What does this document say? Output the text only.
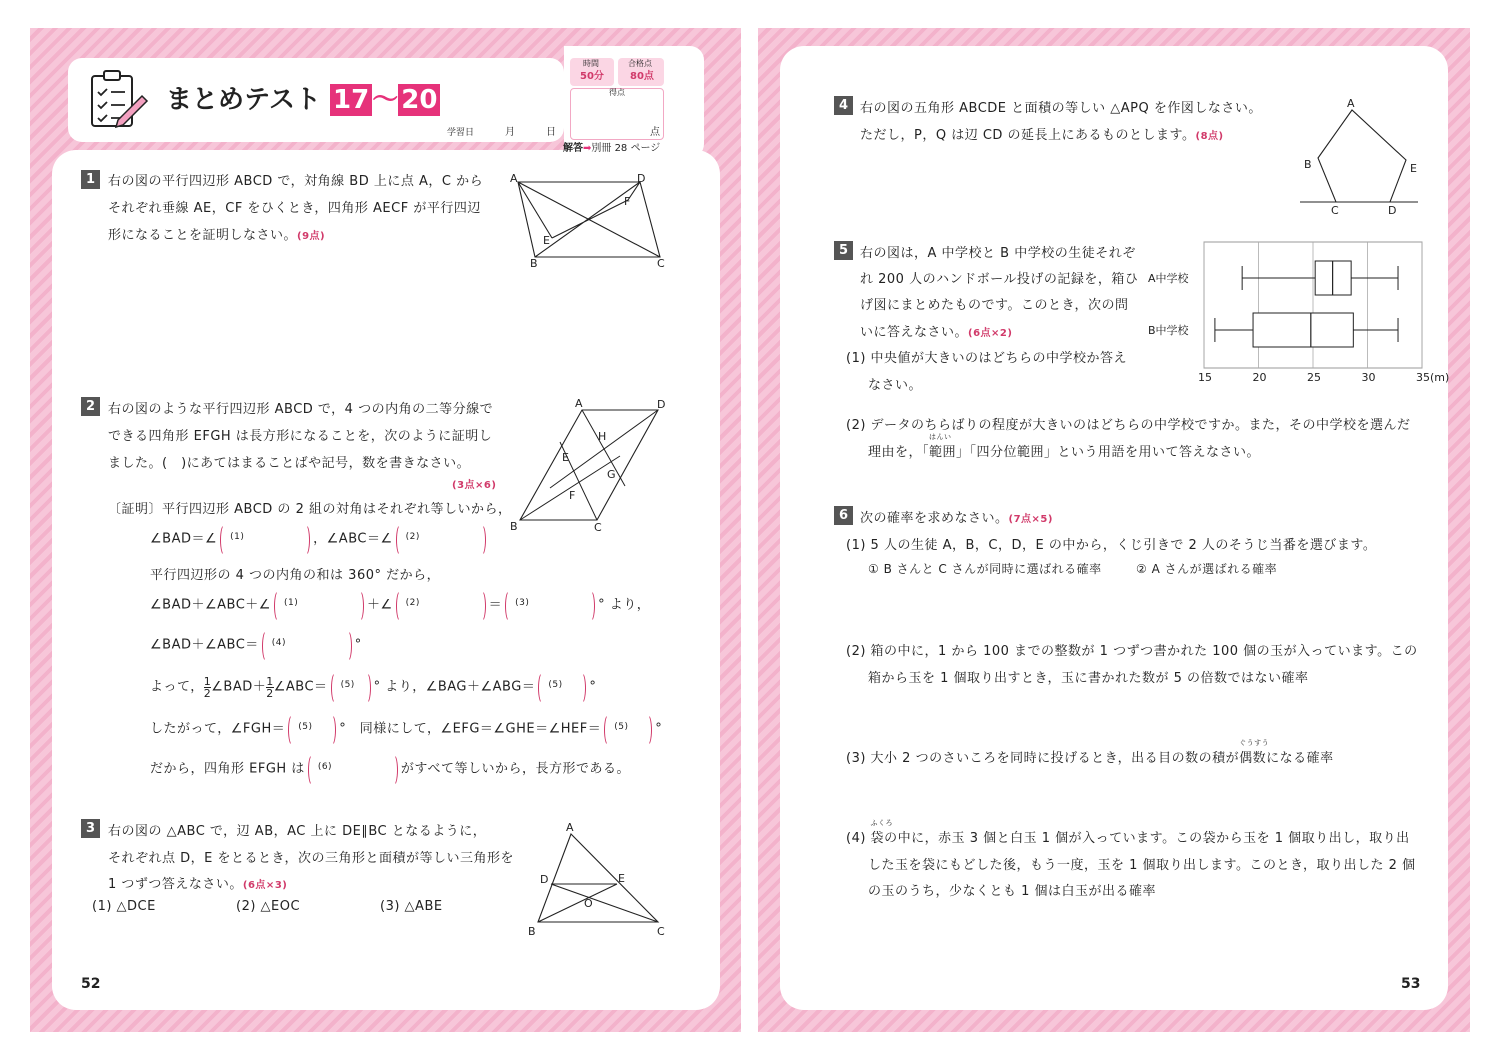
まとめテスト 17 〜 20
学習日	月	日
時間
50分
合格点
80点
得点
点
解答➡別冊 28 ページ
1 右の図の平行四辺形 ABCD で，対角線 BD 上に点 A，C から
それぞれ垂線 AE，CF をひくとき，四角形 AECF が平行四辺
形になることを証明しなさい。(9点)
A	D
B	C
E
F
2 右の図のような平行四辺形 ABCD で，4 つの内角の二等分線で
できる四角形 EFGH は長方形になることを，次のように証明し
ました。(　)にあてはまることばや記号，数を書きなさい。
(3点×6)
A	D
B	C
H
E
G
F
〔証明〕平行四辺形 ABCD の 2 組の対角はそれぞれ等しいから，
∠BAD＝∠ (1)	，∠ABC＝∠ (2)
平行四辺形の 4 つの内角の和は 360° だから，
∠BAD＋∠ABC＋∠ (1)	＋∠ (2)	＝ (3)	° より，
∠BAD＋∠ABC＝ (4)	°
よって， $\frac{1}{2}$ ∠BAD＋ $\frac{1}{2}$ ∠ABC＝ (5) ° より，∠BAG＋∠ABG＝ (5) °
したがって，∠FGH＝ (5) °　同様にして，∠EFG＝∠GHE＝∠HEF＝ (5) °
だから，四角形 EFGH は (6)	がすべて等しいから，長方形である。
3 右の図の △ABC で，辺 AB，AC 上に DE∥BC となるように，
それぞれ点 D，E をとるとき，次の三角形と面積が等しい三角形を
1 つずつ答えなさい。(6点×3)
(1) △DCE	(2) △EOC	(3) △ABE
A
D	E
O
B	C
52
4 右の図の五角形 ABCDE と面積の等しい △APQ を作図しなさい。
ただし，P，Q は辺 CD の延長上にあるものとします。(8点)
A
B	E
C	D
5 右の図は，A 中学校と B 中学校の生徒それぞ
れ 200 人のハンドボール投げの記録を，箱ひ
げ図にまとめたものです。このとき，次の問
いに答えなさい。(6点×2)
(1) 中央値が大きいのはどちらの中学校か答え
なさい。
(2) データのちらばりの程度が大きいのはどちらの中学校ですか。また，その中学校を選んだ
理由を，「
はんい
範囲」「四分位範囲」という用語を用いて答えなさい。
A中学校
B中学校
15	20	25	30	35(m)
6 次の確率を求めなさい。(7点×5)
(1) 5 人の生徒 A，B，C，D，E の中から，くじ引きで 2 人のそうじ当番を選びます。
① B さんと C さんが同時に選ばれる確率	② A さんが選ばれる確率
(2) 箱の中に，1 から 100 までの整数が 1 つずつ書かれた 100 個の玉が入っています。この
箱から玉を 1 個取り出すとき，玉に書かれた数が 5 の倍数ではない確率
(3) 大小 2 つのさいころを同時に投げるとき，出る目の数の積が
ぐうすう
偶数になる確率
(4)
ふくろ
袋の中に，赤玉 3 個と白玉 1 個が入っています。この袋から玉を 1 個取り出し，取り出
した玉を袋にもどした後，もう一度，玉を 1 個取り出します。このとき，取り出した 2 個
の玉のうち，少なくとも 1 個は白玉が出る確率
53
